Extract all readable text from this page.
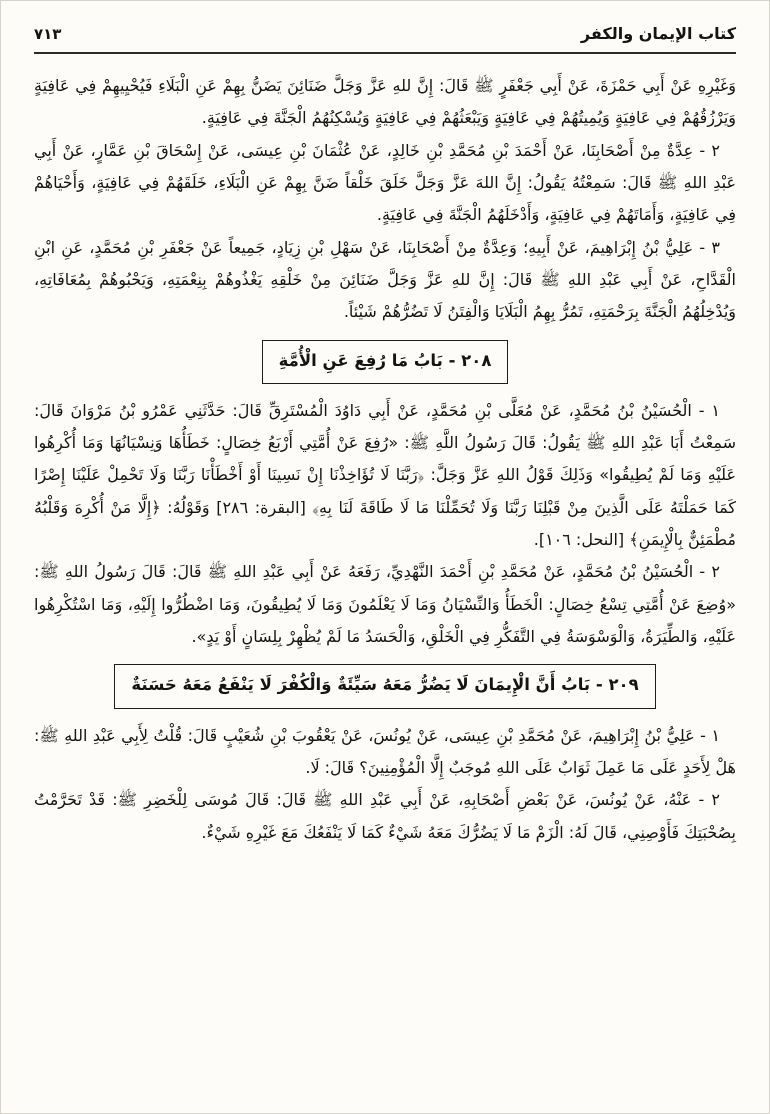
كتاب الإيمان والكفر
٧١٣

وَغَيْرِهِ عَنْ أَبِي حَمْزَةَ، عَنْ أَبِي جَعْفَرٍ ﷺ قَالَ: إِنَّ للهِ عَزَّ وَجَلَّ ضَنَائِنَ يَضَنُّ بِهِمْ عَنِ الْبَلَاءِ فَيُحْيِيهِمْ فِي عَافِيَةٍ وَيَرْزُقُهُمْ فِي عَافِيَةٍ وَيُمِيتُهُمْ فِي عَافِيَةٍ وَيَبْعَثُهُمْ فِي عَافِيَةٍ وَيُسْكِنُهُمُ الْجَنَّةَ فِي عَافِيَةٍ.

٢ - عِدَّةٌ مِنْ أَصْحَابِنَا، عَنْ أَحْمَدَ بْنِ مُحَمَّدِ بْنِ خَالِدٍ، عَنْ عُثْمَانَ بْنِ عِيسَى، عَنْ إِسْحَاقَ بْنِ عَمَّارٍ، عَنْ أَبِي عَبْدِ اللهِ ﷺ قَالَ: سَمِعْتُهُ يَقُولُ: إِنَّ اللهَ عَزَّ وَجَلَّ خَلَقَ خَلْقاً ضَنَّ بِهِمْ عَنِ الْبَلَاءِ، خَلَقَهُمْ فِي عَافِيَةٍ، وَأَحْيَاهُمْ فِي عَافِيَةٍ، وَأَمَاتَهُمْ فِي عَافِيَةٍ، وَأَدْخَلَهُمُ الْجَنَّةَ فِي عَافِيَةٍ.

٣ - عَلِيُّ بْنُ إِبْرَاهِيمَ، عَنْ أَبِيهِ؛ وَعِدَّةٌ مِنْ أَصْحَابِنَا، عَنْ سَهْلِ بْنِ زِيَادٍ، جَمِيعاً عَنْ جَعْفَرِ بْنِ مُحَمَّدٍ، عَنِ ابْنِ الْقَدَّاحِ، عَنْ أَبِي عَبْدِ اللهِ ﷺ قَالَ: إِنَّ للهِ عَزَّ وَجَلَّ ضَنَائِنَ مِنْ خَلْقِهِ يَغْذُوهُمْ بِنِعْمَتِهِ، وَيَحْبُوهُمْ بِمُعَافَاتِهِ، وَيُدْخِلُهُمُ الْجَنَّةَ بِرَحْمَتِهِ، تَمُرُّ بِهِمُ الْبَلَايَا وَالْفِتَنُ لَا تَضُرُّهُمْ شَيْئاً.

٢٠٨ - بَابُ مَا رُفِعَ عَنِ الْأُمَّةِ

١ - الْحُسَيْنُ بْنُ مُحَمَّدٍ، عَنْ مُعَلَّى بْنِ مُحَمَّدٍ، عَنْ أَبِي دَاوُدَ الْمُسْتَرِقِّ قَالَ: حَدَّثَنِي عَمْرُو بْنُ مَرْوَانَ قَالَ: سَمِعْتُ أَبَا عَبْدِ اللهِ ﷺ يَقُولُ: قَالَ رَسُولُ اللَّهِ ﷺ: «رُفِعَ عَنْ أُمَّتِي أَرْبَعُ خِصَالٍ: خَطَأُهَا وَنِسْيَانُهَا وَمَا أُكْرِهُوا عَلَيْهِ وَمَا لَمْ يُطِيقُوا» وَذَلِكَ قَوْلُ اللهِ عَزَّ وَجَلَّ: ﴿رَبَّنَا لَا تُؤَاخِذْنَا إِنْ نَسِينَا أَوْ أَخْطَأْنَا رَبَّنَا وَلَا تَحْمِلْ عَلَيْنَا إِصْرًا كَمَا حَمَلْتَهُ عَلَى الَّذِينَ مِنْ قَبْلِنَا رَبَّنَا وَلَا تُحَمِّلْنَا مَا لَا طَاقَةَ لَنَا بِهِ﴾ [البقرة: ٢٨٦] وَقَوْلُهُ: ﴿إِلَّا مَنْ أُكْرِهَ وَقَلْبُهُ مُطْمَئِنٌّ بِالْإِيمَنِ﴾ [النحل: ١٠٦].

٢ - الْحُسَيْنُ بْنُ مُحَمَّدٍ، عَنْ مُحَمَّدِ بْنِ أَحْمَدَ النَّهْدِيِّ، رَفَعَهُ عَنْ أَبِي عَبْدِ اللهِ ﷺ قَالَ: قَالَ رَسُولُ اللهِ ﷺ: «وُضِعَ عَنْ أُمَّتِي تِسْعُ خِصَالٍ: الْخَطَأُ وَالنِّسْيَانُ وَمَا لَا يَعْلَمُونَ وَمَا لَا يُطِيقُونَ، وَمَا اضْطُرُّوا إِلَيْهِ، وَمَا اسْتُكْرِهُوا عَلَيْهِ، وَالطِّيَرَةُ، وَالْوَسْوَسَةُ فِي التَّفَكُّرِ فِي الْخَلْقِ، وَالْحَسَدُ مَا لَمْ يُظْهِرْ بِلِسَانٍ أَوْ يَدٍ».

٢٠٩ - بَابُ أَنَّ الْإِيمَانَ لَا يَضُرُّ مَعَهُ سَيِّئَةٌ وَالْكُفْرَ لَا يَنْفَعُ مَعَهُ حَسَنَةٌ

١ - عَلِيُّ بْنُ إِبْرَاهِيمَ، عَنْ مُحَمَّدِ بْنِ عِيسَى، عَنْ يُونُسَ، عَنْ يَعْقُوبَ بْنِ شُعَيْبٍ قَالَ: قُلْتُ لِأَبِي عَبْدِ اللهِ ﷺ: هَلْ لِأَحَدٍ عَلَى مَا عَمِلَ ثَوَابٌ عَلَى اللهِ مُوجَبٌ إِلَّا الْمُؤْمِنِينَ؟ قَالَ: لَا.

٢ - عَنْهُ، عَنْ يُونُسَ، عَنْ بَعْضِ أَصْحَابِهِ، عَنْ أَبِي عَبْدِ اللهِ ﷺ قَالَ: قَالَ مُوسَى لِلْخَضِرِ ﷺ: قَدْ تَحَرَّمْتُ بِصُحْبَتِكَ فَأَوْصِنِي، قَالَ لَهُ: الْزَمْ مَا لَا يَضُرُّكَ مَعَهُ شَيْءٌ كَمَا لَا يَنْفَعُكَ مَعَ غَيْرِهِ شَيْءٌ.
